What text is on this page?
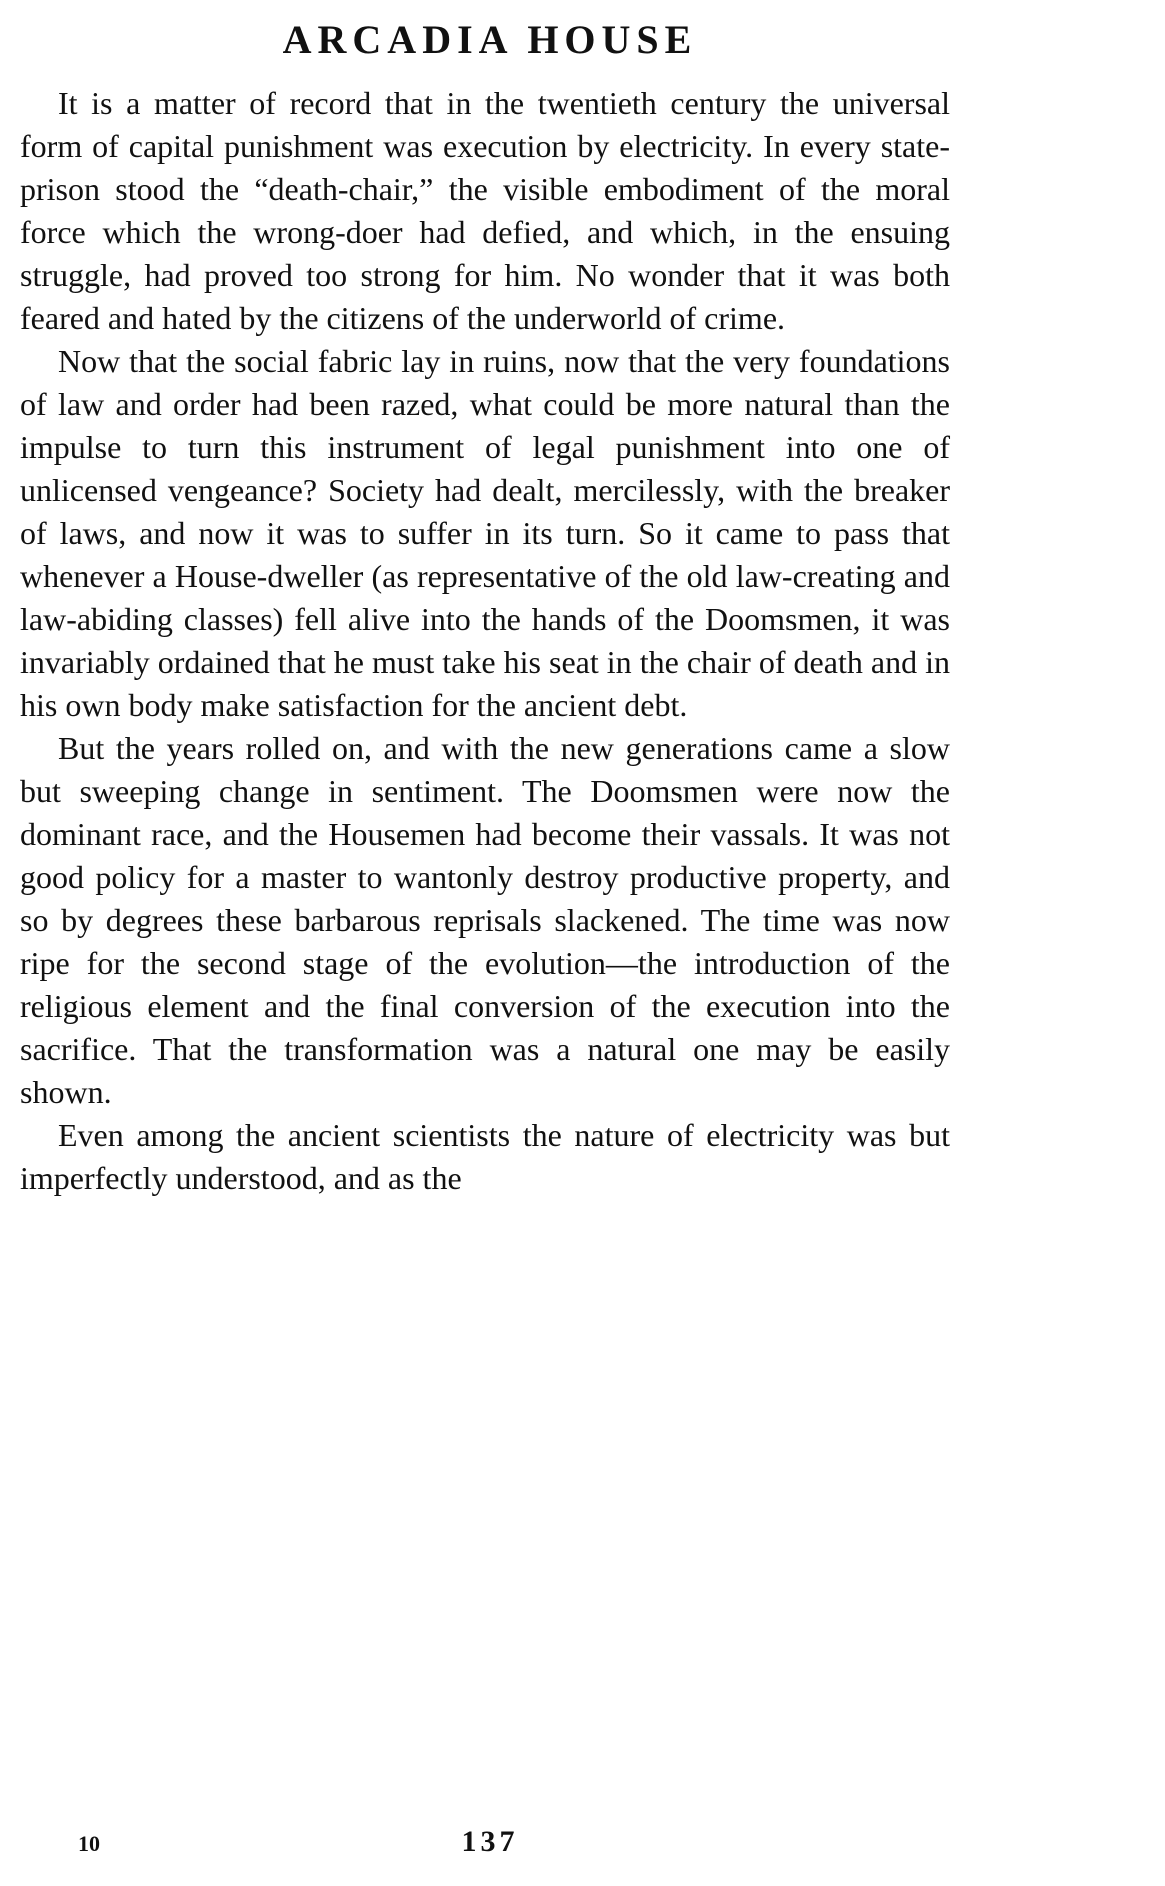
ARCADIA HOUSE

It is a matter of record that in the twentieth century the universal form of capital punishment was execution by electricity. In every state-prison stood the “death-chair,” the visible embodiment of the moral force which the wrong-doer had defied, and which, in the ensuing struggle, had proved too strong for him. No wonder that it was both feared and hated by the citizens of the underworld of crime.

Now that the social fabric lay in ruins, now that the very foundations of law and order had been razed, what could be more natural than the impulse to turn this instrument of legal punishment into one of unlicensed vengeance? Society had dealt, mercilessly, with the breaker of laws, and now it was to suffer in its turn. So it came to pass that whenever a House-dweller (as representative of the old law-creating and law-abiding classes) fell alive into the hands of the Doomsmen, it was invariably ordained that he must take his seat in the chair of death and in his own body make satisfaction for the ancient debt.

But the years rolled on, and with the new generations came a slow but sweeping change in sentiment. The Doomsmen were now the dominant race, and the Housemen had become their vassals. It was not good policy for a master to wantonly destroy productive property, and so by degrees these barbarous reprisals slackened. The time was now ripe for the second stage of the evolution—the introduction of the religious element and the final conversion of the execution into the sacrifice. That the transformation was a natural one may be easily shown.

Even among the ancient scientists the nature of electricity was but imperfectly understood, and as the

10	137
